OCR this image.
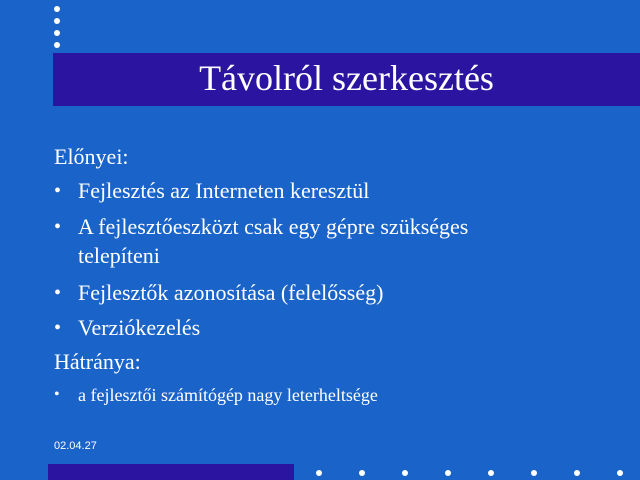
Távolról szerkesztés
Előnyei:
• Fejlesztés az Interneten keresztül
• A fejlesztőeszközt csak egy gépre szükséges
telepíteni
• Fejlesztők azonosítása (felelősség)
• Verziókezelés
Hátránya:
•	a fejlesztői számítógép nagy leterheltsége
02.04.27
